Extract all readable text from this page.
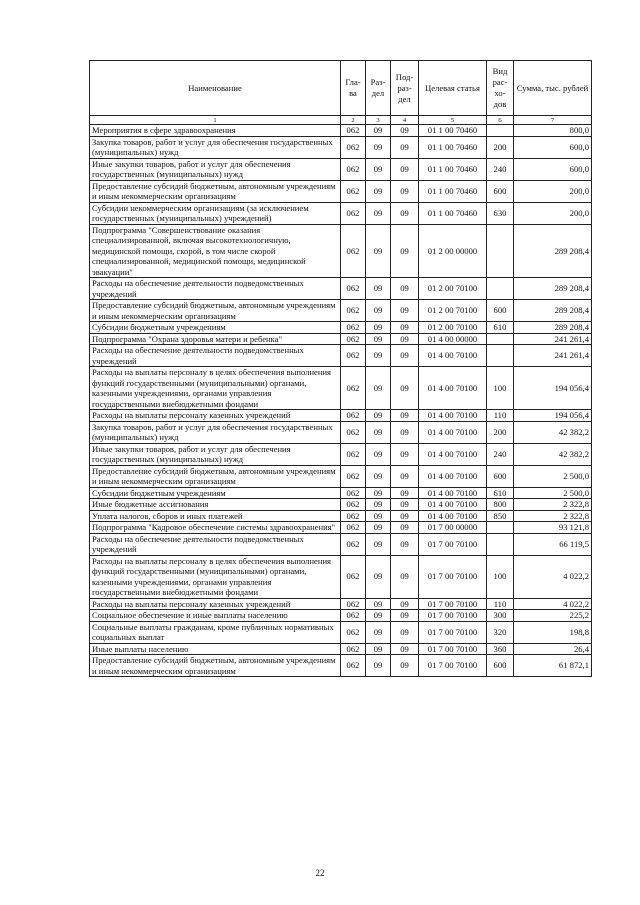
Наименование	Гла-ва	Раз-дел	Под-раз-дел	Целевая статья	Вид рас-хо-дов	Сумма, тыс. рублей
1	2	3	4	5	6	7
Мероприятия в сфере здравоохранения	062	09	09	01 1 00 70460		800,0
Закупка товаров, работ и услуг для обеспечения государственных (муниципальных) нужд	062	09	09	01 1 00 70460	200	600,0
Иные закупки товаров, работ и услуг для обеспечения государственных (муниципальных) нужд	062	09	09	01 1 00 70460	240	600,0
Предоставление субсидий бюджетным, автономным учреждениям и иным некоммерческим организациям	062	09	09	01 1 00 70460	600	200,0
Субсидии некоммерческим организациям (за исключением государственных (муниципальных) учреждений)	062	09	09	01 1 00 70460	630	200,0
Подпрограмма "Совершенствование оказания специализированной, включая высокотехнологичную, медицинской помощи, скорой, в том числе скорой специализированной, медицинской помощи, медицинской эвакуации"	062	09	09	01 2 00 00000		289 208,4
Расходы на обеспечение деятельности подведомственных учреждений	062	09	09	01 2 00 70100		289 208,4
Предоставление субсидий бюджетным, автономным учреждениям и иным некоммерческим организациям	062	09	09	01 2 00 70100	600	289 208,4
Субсидии бюджетным учреждениям	062	09	09	01 2 00 70100	610	289 208,4
Подпрограмма "Охрана здоровья матери и ребенка"	062	09	09	01 4 00 00000		241 261,4
Расходы на обеспечение деятельности подведомственных учреждений	062	09	09	01 4 00 70100		241 261,4
Расходы на выплаты персоналу в целях обеспечения выполнения функций государственными (муниципальными) органами, казенными учреждениями, органами управления государственными внебюджетными фондами	062	09	09	01 4 00 70100	100	194 056,4
Расходы на выплаты персоналу казенных учреждений	062	09	09	01 4 00 70100	110	194 056,4
Закупка товаров, работ и услуг для обеспечения государственных (муниципальных) нужд	062	09	09	01 4 00 70100	200	42 382,2
Иные закупки товаров, работ и услуг для обеспечения государственных (муниципальных) нужд	062	09	09	01 4 00 70100	240	42 382,2
Предоставление субсидий бюджетным, автономным учреждениям и иным некоммерческим организациям	062	09	09	01 4 00 70100	600	2 500,0
Субсидии бюджетным учреждениям	062	09	09	01 4 00 70100	610	2 500,0
Иные бюджетные ассигнования	062	09	09	01 4 00 70100	800	2 322,8
Уплата налогов, сборов и иных платежей	062	09	09	01 4 00 70100	850	2 322,8
Подпрограмма "Кадровое обеспечение системы здравоохранения"	062	09	09	01 7 00 00000		93 121,8
Расходы на обеспечение деятельности подведомственных учреждений	062	09	09	01 7 00 70100		66 119,5
Расходы на выплаты персоналу в целях обеспечения выполнения функций государственными (муниципальными) органами, казенными учреждениями, органами управления государственными внебюджетными фондами	062	09	09	01 7 00 70100	100	4 022,2
Расходы на выплаты персоналу казенных учреждений	062	09	09	01 7 00 70100	110	4 022,2
Социальное обеспечение и иные выплаты населению	062	09	09	01 7 00 70100	300	225,2
Социальные выплаты гражданам, кроме публичных нормативных социальных выплат	062	09	09	01 7 00 70100	320	198,8
Иные выплаты населению	062	09	09	01 7 00 70100	360	26,4
Предоставление субсидий бюджетным, автономным учреждениям и иным некоммерческим организациям	062	09	09	01 7 00 70100	600	61 872,1
22
